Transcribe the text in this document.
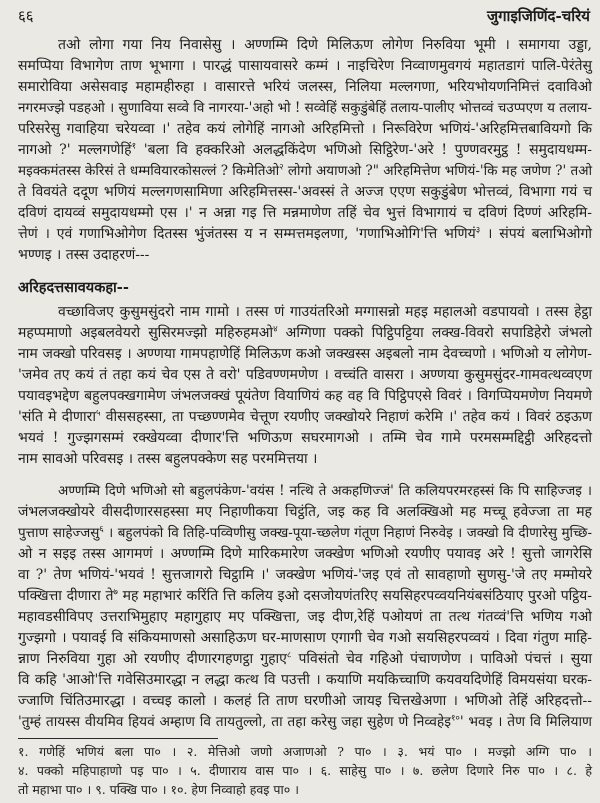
६६	जुगाइजिणिंद-चरियं
तओ लोगा गया निय निवासेसु । अण्णम्मि दिणे मिलिऊण लोगेण निरुविया भूमी । समागया उड्डा,
समप्पिया विभागेण ताण भूभागा । पारद्धं पासायवासरे कम्मं । नाइचिरेण निव्वाणमुवगयं महातडागं पालि-पेरंतेसु
समारोविया असेसवाइ महामहीरुहा । वासारत्ते भरियं जलस्स, निलिया मल्लगणा, भरियभोयणनिमित्तं दवाविओ
नगरमज्झे पडहओ । सुणाविया सव्वे वि नागरया-'अहो भो ! सव्वेहिं सकुडुंबेहिं तलाय-पालीए भोत्तव्वं चउप्पएण य तलाय-
परिसरेसु गवाहिया चरेयव्वा ।' तहेव कयं लोगेहिं नागओ अरिहमित्तो । निरूविरेण भणियं-'अरिहमित्तबावियगो कि
नागओ ?' मल्लगणेहिं$^१$ 'बला वि हक्करिओ अलद्धकिंदेण भणिओ सिट्ठिरेण-'अरे ! पुण्णवरमुट्ठ ! समुदायधम्म-
मइक्कमंतस्स केरिसं ते धम्मवियारकोसल्लं ? किमेतिओ$^२$ लोगो अयाणओ ?" अरिहमित्तेण भणियं-'कि मह जणेण ?' तओ
ते विवयंते ददूण भणियं मल्लगणसामिणा अरिहमित्तस्स-'अवस्सं ते अज्ज एएण सकुडुंबेण भोत्तव्वं, विभागा गयं च
दविणं दायव्वं समुदायधम्मो एस ।' न अन्ना गइ त्ति मन्नमाणेण तहिं चेव भुत्तं विभागायं च दविणं दिण्णं अरिहमि-
त्तेणं । एवं गणाभिओगेण दितस्स भुंजंतस्स य न सम्मत्तमइलणा, 'गणाभिओगि'त्ति भणियं$^३$ । संपयं बलाभिओगो
भण्णइ । तस्स उदाहरणं---
अरिहदत्तसावयकहा--
वच्छाविजए कुसुमसुंदरो नाम गामो । तस्स णं गाउयंतरिओ मग्गासन्नो महइ महालओ वडपायवो । तस्स हेट्ठा
महप्पमाणो अइबलवेयरो सुसिरमज्झो महिरुहमओ$^४$ अग्गिणा पक्को पिट्ठिपट्टिया लक्ख-विवरो सपाडिहेरो जंभलो
नाम जक्खो परिवसइ । अण्णया गामपहाणेहिं मिलिऊण कओ जक्खस्स अइबलो नाम देवच्चणो । भणिओ य लोगेण-
'जमेव तए कयं तं तहा कयं चेव एस ते वरो' पडिवण्णमणेण । वच्चंति वासरा । अण्णया कुसुमसुंदर-गामवत्थव्वएण
पयावइभद्देण बहुलपक्खगामेण जंभलजक्खं पूयंतेण वियाणियं कह वह वि पिट्ठिपएसे विवरं । विगप्पियमणेण नियमणे
'संति मे दीणारा$^५$ वीससहस्सा, ता पच्छण्णमेव चेत्तूण रयणीए जक्खोयरे निहाणं करेमि ।' तहेव कयं । विवरं ठइऊण
भयवं ! गुज्झगसम्मं रक्खेयव्वा दीणार'त्ति भणिऊण सघरमागओ । तम्मि चेव गामे परमसम्मद्दिट्ठी अरिहदत्तो
नाम सावओ परिवसइ । तस्स बहुलपक्केण सह परममित्तया ।
अण्णम्मि दिणे भणिओ सो बहुलपंकेण-'वयंस ! नत्थि ते अकहणिज्जं' ति कलियपरमरहस्सं कि पि साहिज्जइ ।
जंभलजक्खोयरे वीसदीणारसहस्सा मए निहाणीकया चिट्ठंति, जइ कह वि अलक्खिओ मह मच्चू हवेज्जा ता मह
पुत्ताण साहेज्जसु$^६$ । बहुलपंको वि तिहि-पव्विणीसु जक्ख-पूया-च्छलेण गंतूण निहाणं निरुवेइ । जक्खो वि दीणारेसु मुच्छि-
ओ न सइइ तस्स आगमणं । अण्णम्मि दिणे मारिकमारेण जक्खेण भणिओ रयणीए पयावइ अरे ! सुत्तो जागरेसि
वा ?' तेण भणियं-'भयवं ! सुत्तजागरो चिट्ठामि ।' जक्खेण भणियं-'जइ एवं तो सावहाणो सुणसु-'जे तए मम्मोयरे
पक्खित्ता दीणारा ते$^७$ मह महाभारं करिंति त्ति कलिय इओ दसजोयणंतरिए सयसिहरपव्वयनियंबसंठियाए पुरओ पट्ठिय-
महावडसीविपए उत्तराभिमुहाए महागुहाए मए पक्खित्ता, जइ दीण,रेहिं पओयणं ता तत्थ गंतव्वं'त्ति भणिय गओ
गुज्झगो । पयावई वि संकियमाणसो असाहिऊण घर-माणसाण एगागी चेव गओ सयसिहरपव्वयं । दिवा गंतुण माहि-
न्नाण निरुविया गुहा ओ रयणीए दीणारगहणट्ठा गुहाए$^८$ पविसंतो चेव गहिओ पंचाणणेण । पाविओ पंचत्तं । सुया
वि कहि 'आओ'त्ति गवेसिउमारद्धा न लद्धा कत्थ वि पउत्ती । कयाणि मयकिच्चाणि कयवयदिणेहिं विमयसंया घरक-
ज्जाणि चिंतिउमारद्धा । वच्चइ कालो । कलहं ति ताण घरणीओ जायइ चित्तखेअणा । भणिओ तेहिं अरिहदत्तो--
'तुम्हं तायस्स वीयमिव हियवं अम्हाण वि तायतुल्लो, ता तहा करेसु जहा सुहेण णे निव्वहेइ$^{१०}$' भवइ । तेण वि मिलियाण
१. गणेहिं भणियं बला पा० । २. मेत्तिओ जणो अजाणओ ? पा० । ३. भयं पा० । मज्झो अग्गि पा० ।
४. पक्को महिपाहाणो पइ पा० । ५. दीणाराय वास पा० । ६. साहेसु पा० । ७. छलेण दिणारे निरु पा० । ८. हे
तो महाभा पा० । ९. पक्खि पा० । १०. हेण निव्वाहो हवइ पा० ।
